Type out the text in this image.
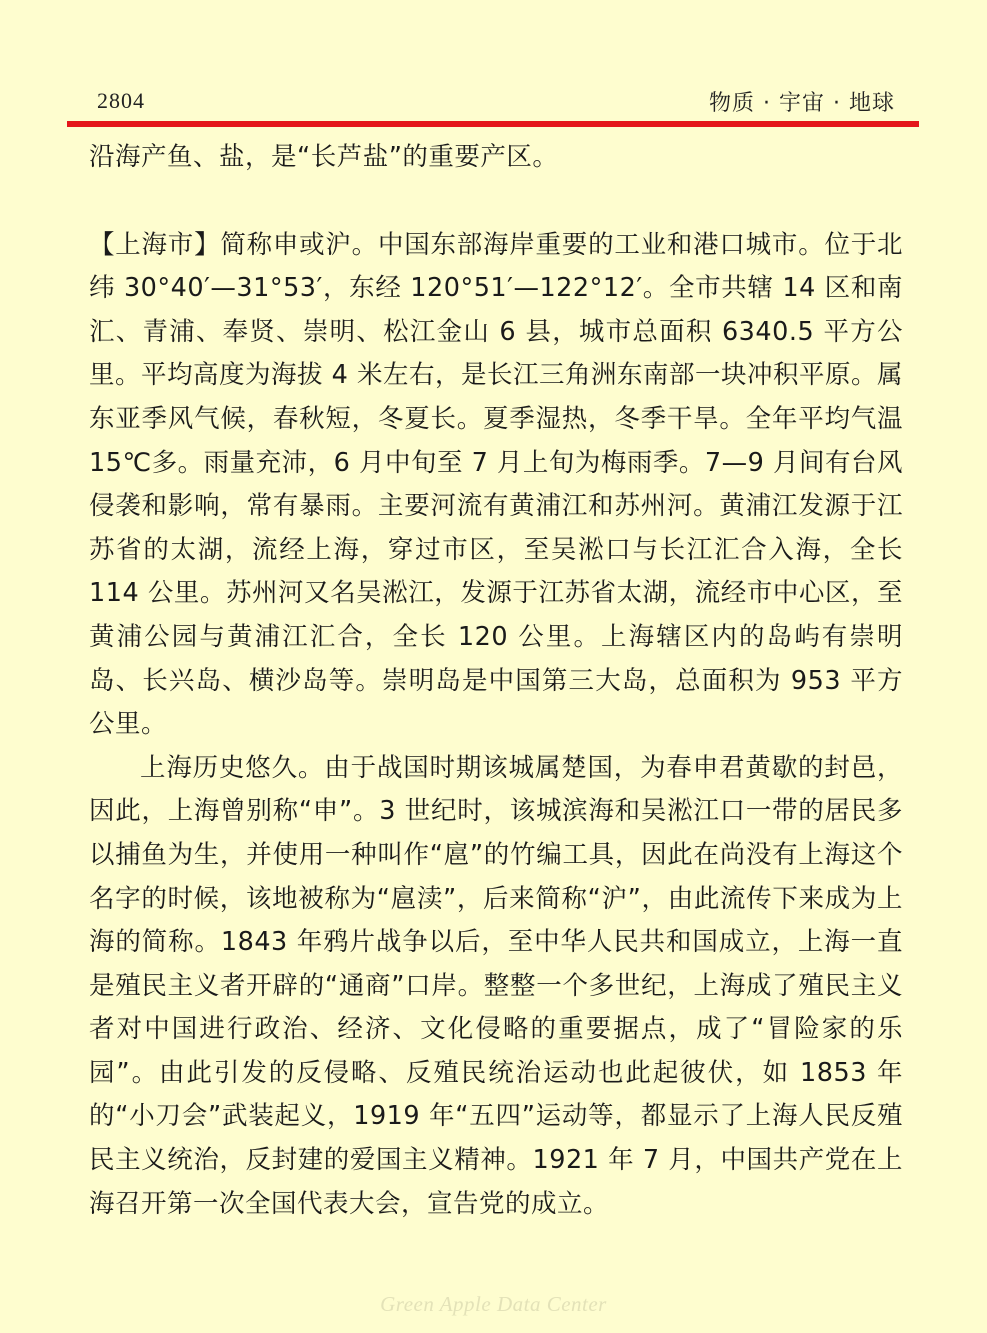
2804	物质 · 宇宙 · 地球

沿海产鱼、盐，是“长芦盐”的重要产区。

【上海市】简称申或沪。中国东部海岸重要的工业和港口城市。位于北纬 30°40′—31°53′，东经 120°51′—122°12′。全市共辖 14 区和南汇、青浦、奉贤、崇明、松江金山 6 县，城市总面积 6340.5 平方公里。平均高度为海拔 4 米左右，是长江三角洲东南部一块冲积平原。属东亚季风气候，春秋短，冬夏长。夏季湿热，冬季干旱。全年平均气温 15℃多。雨量充沛，6 月中旬至 7 月上旬为梅雨季。7—9 月间有台风侵袭和影响，常有暴雨。主要河流有黄浦江和苏州河。黄浦江发源于江苏省的太湖，流经上海，穿过市区，至吴淞口与长江汇合入海，全长 114 公里。苏州河又名吴淞江，发源于江苏省太湖，流经市中心区，至黄浦公园与黄浦江汇合，全长 120 公里。上海辖区内的岛屿有崇明岛、长兴岛、横沙岛等。崇明岛是中国第三大岛，总面积为 953 平方公里。

上海历史悠久。由于战国时期该城属楚国，为春申君黄歇的封邑，因此，上海曾别称“申”。3 世纪时，该城滨海和吴淞江口一带的居民多以捕鱼为生，并使用一种叫作“扈”的竹编工具，因此在尚没有上海这个名字的时候，该地被称为“扈渎”，后来简称“沪”，由此流传下来成为上海的简称。1843 年鸦片战争以后，至中华人民共和国成立，上海一直是殖民主义者开辟的“通商”口岸。整整一个多世纪，上海成了殖民主义者对中国进行政治、经济、文化侵略的重要据点，成了“冒险家的乐园”。由此引发的反侵略、反殖民统治运动也此起彼伏，如 1853 年的“小刀会”武装起义，1919 年“五四”运动等，都显示了上海人民反殖民主义统治，反封建的爱国主义精神。1921 年 7 月，中国共产党在上海召开第一次全国代表大会，宣告党的成立。

Green Apple Data Center
